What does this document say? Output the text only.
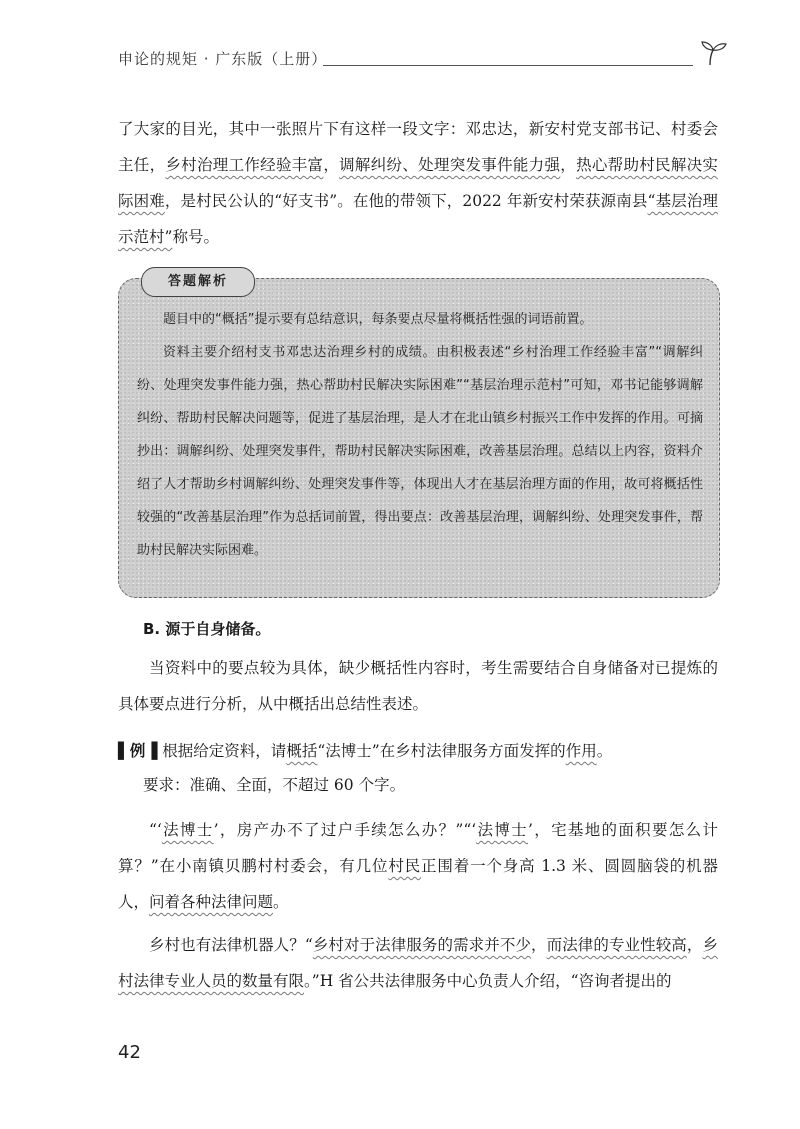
申论的规矩 · 广东版（上册）
了大家的目光，其中一张照片下有这样一段文字：邓忠达，新安村党支部书记、村委会主任，乡村治理工作经验丰富，调解纠纷、处理突发事件能力强，热心帮助村民解决实际困难，是村民公认的“好支书”。在他的带领下，2022 年新安村荣获源南县“基层治理示范村”称号。
答题解析

题目中的“概括”提示要有总结意识，每条要点尽量将概括性强的词语前置。

资料主要介绍村支书邓忠达治理乡村的成绩。由积极表述“乡村治理工作经验丰富”“调解纠纷、处理突发事件能力强，热心帮助村民解决实际困难”“基层治理示范村”可知，邓书记能够调解纠纷、帮助村民解决问题等，促进了基层治理，是人才在北山镇乡村振兴工作中发挥的作用。可摘抄出：调解纠纷、处理突发事件，帮助村民解决实际困难，改善基层治理。总结以上内容，资料介绍了人才帮助乡村调解纠纷、处理突发事件等，体现出人才在基层治理方面的作用，故可将概括性较强的“改善基层治理”作为总括词前置，得出要点：改善基层治理，调解纠纷、处理突发事件，帮助村民解决实际困难。

B. 源于自身储备。
当资料中的要点较为具体，缺少概括性内容时，考生需要结合自身储备对已提炼的具体要点进行分析，从中概括出总结性表述。
▌例▐ 根据给定资料，请概括“法博士”在乡村法律服务方面发挥的作用。
要求：准确、全面，不超过 60 个字。
“‘法博士’，房产办不了过户手续怎么办？”“‘法博士’，宅基地的面积要怎么计算？”在小南镇贝鹏村村委会，有几位村民正围着一个身高 1.3 米、圆圆脑袋的机器人，问着各种法律问题。
乡村也有法律机器人？“乡村对于法律服务的需求并不少，而法律的专业性较高，乡村法律专业人员的数量有限。”H 省公共法律服务中心负责人介绍，“咨询者提出的
42
